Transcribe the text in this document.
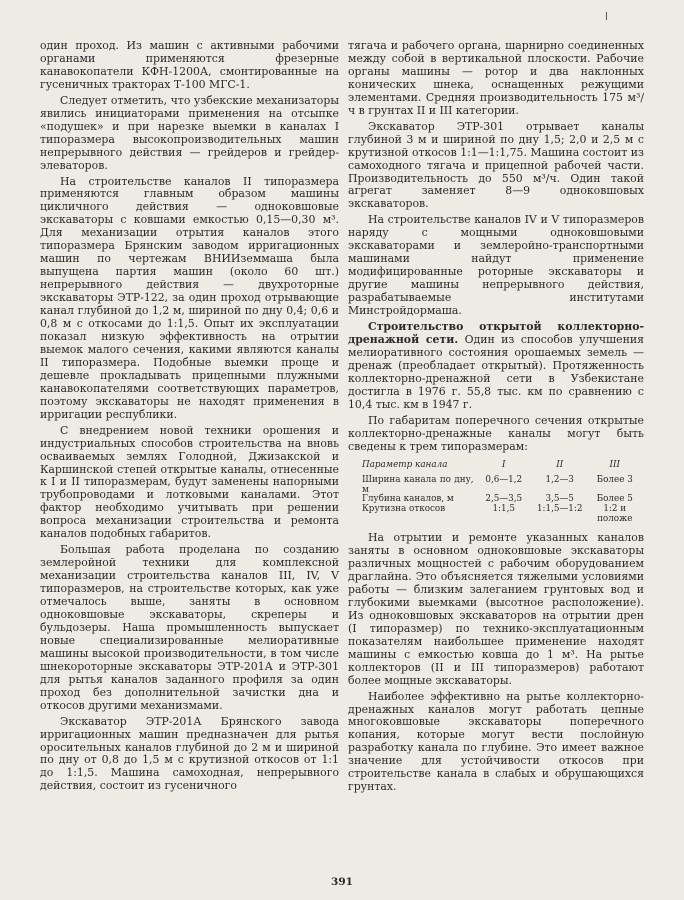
один проход. Из машин с активными рабочими органами применяются фрезерные канавокопатели КФН-1200А, смонтированные на гусеничных тракторах Т-100 МГС-1.

Следует отметить, что узбекские механизаторы явились инициаторами применения на отсыпке «подушек» и при нарезке выемки в каналах I типоразмера высокопроизводительных машин непрерывного действия — грейдеров и грейдер-элеваторов.

На строительстве каналов II типоразмера применяются главным образом машины цикличного действия — одноковшовые экскаваторы с ковшами емкостью 0,15—0,30 м³. Для механизации отрытия каналов этого типоразмера Брянским заводом ирригационных машин по чертежам ВНИИземмаша была выпущена партия машин (около 60 шт.) непрерывного действия — двухроторные экскаваторы ЭТР-122, за один проход отрывающие канал глубиной до 1,2 м, шириной по дну 0,4; 0,6 и 0,8 м с откосами до 1:1,5. Опыт их эксплуатации показал низкую эффективность на отрытии выемок малого сечения, какими являются каналы II типоразмера. Подобные выемки проще и дешевле прокладывать прицепными плужными канавокопателями соответствующих параметров, поэтому экскаваторы не находят применения в ирригации республики.

С внедрением новой техники орошения и индустриальных способов строительства на вновь осваиваемых землях Голодной, Джизакской и Каршинской степей открытые каналы, отнесенные к I и II типоразмерам, будут заменены напорными трубопроводами и лотковыми каналами. Этот фактор необходимо учитывать при решении вопроса механизации строительства и ремонта каналов подобных габаритов.

Большая работа проделана по созданию землеройной техники для комплексной механизации строительства каналов III, IV, V типоразмеров, на строительстве которых, как уже отмечалось выше, заняты в основном одноковшовые экскаваторы, скреперы и бульдозеры. Наша промышленность выпускает новые специализированные мелиоративные машины высокой производительности, в том числе шнекороторные экскаваторы ЭТР-201А и ЭТР-301 для рытья каналов заданного профиля за один проход без дополнительной зачистки дна и откосов другими механизмами.

Экскаватор ЭТР-201А Брянского завода ирригационных машин предназначен для рытья оросительных каналов глубиной до 2 м и шириной по дну от 0,8 до 1,5 м с крутизной откосов от 1:1 до 1:1,5. Машина самоходная, непрерывного действия, состоит из гусеничного

тягача и рабочего органа, шарнирно соединенных между собой в вертикальной плоскости. Рабочие органы машины — ротор и два наклонных конических шнека, оснащенных режущими элементами. Средняя производительность 175 м³/ч в грунтах II и III категории.

Экскаватор ЭТР-301 отрывает каналы глубиной 3 м и шириной по дну 1,5; 2,0 и 2,5 м с крутизной откосов 1:1—1:1,75. Машина состоит из самоходного тягача и прицепной рабочей части. Производительность до 550 м³/ч. Один такой агрегат заменяет 8—9 одноковшовых экскаваторов.

На строительстве каналов IV и V типоразмеров наряду с мощными одноковшовыми экскаваторами и землеройно-транспортными машинами найдут применение модифицированные роторные экскаваторы и другие машины непрерывного действия, разрабатываемые институтами Минстройдормаша.

Строительство открытой коллекторно-дренажной сети. Один из способов улучшения мелиоративного состояния орошаемых земель — дренаж (преобладает открытый). Протяженность коллекторно-дренажной сети в Узбекистане достигла в 1976 г. 55,8 тыс. км по сравнению с 10,4 тыс. км в 1947 г.

По габаритам поперечного сечения открытые коллекторно-дренажные каналы могут быть сведены к трем типоразмерам:

Параметр канала	I	II	III
Ширина канала по дну, м	0,6—1,2	1,2—3	Более 3
Глубина каналов, м	2,5—3,5	3,5—5	Более 5
Крутизна откосов	1:1,5	1:1,5—1:2	1:2 и положе

На отрытии и ремонте указанных каналов заняты в основном одноковшовые экскаваторы различных мощностей с рабочим оборудованием драглайна. Это объясняется тяжелыми условиями работы — близким залеганием грунтовых вод и глубокими выемками (высотное расположение). Из одноковшовых экскаваторов на отрытии дрен (I типоразмер) по технико-эксплуатационным показателям наибольшее применение находят машины с емкостью ковша до 1 м³. На рытье коллекторов (II и III типоразмеров) работают более мощные экскаваторы.

Наиболее эффективно на рытье коллекторно-дренажных каналов могут работать цепные многоковшовые экскаваторы поперечного копания, которые могут вести послойную разработку канала по глубине. Это имеет важное значение для устойчивости откосов при строительстве канала в слабых и обрушающихся грунтах.

391
